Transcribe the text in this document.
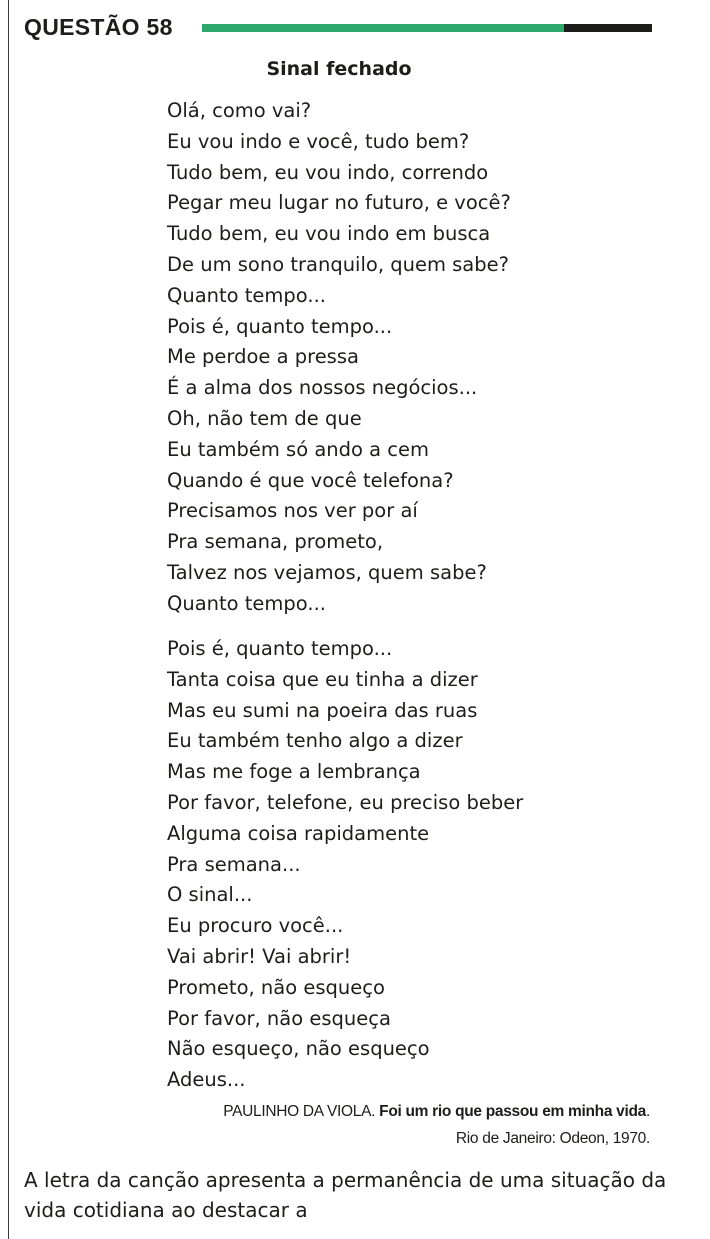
QUESTÃO 58
Sinal fechado
Olá, como vai?
Eu vou indo e você, tudo bem?
Tudo bem, eu vou indo, correndo
Pegar meu lugar no futuro, e você?
Tudo bem, eu vou indo em busca
De um sono tranquilo, quem sabe?
Quanto tempo...
Pois é, quanto tempo...
Me perdoe a pressa
É a alma dos nossos negócios...
Oh, não tem de que
Eu também só ando a cem
Quando é que você telefona?
Precisamos nos ver por aí
Pra semana, prometo,
Talvez nos vejamos, quem sabe?
Quanto tempo...
Pois é, quanto tempo...
Tanta coisa que eu tinha a dizer
Mas eu sumi na poeira das ruas
Eu também tenho algo a dizer
Mas me foge a lembrança
Por favor, telefone, eu preciso beber
Alguma coisa rapidamente
Pra semana...
O sinal...
Eu procuro você...
Vai abrir! Vai abrir!
Prometo, não esqueço
Por favor, não esqueça
Não esqueço, não esqueço
Adeus...
PAULINHO DA VIOLA. Foi um rio que passou em minha vida.
Rio de Janeiro: Odeon, 1970.
A letra da canção apresenta a permanência de uma situação da vida cotidiana ao destacar a
